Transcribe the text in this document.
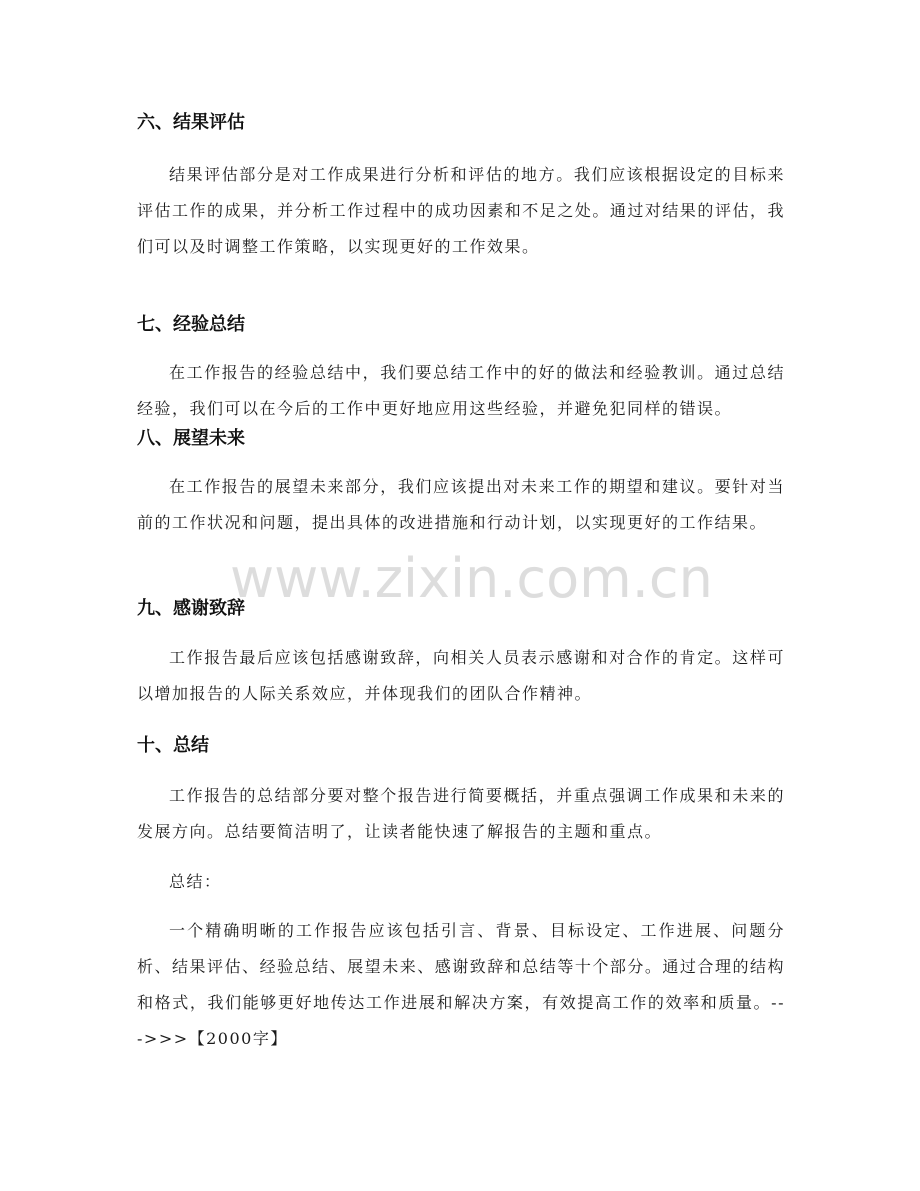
六、结果评估

结果评估部分是对工作成果进行分析和评估的地方。我们应该根据设定的目标来评估工作的成果，并分析工作过程中的成功因素和不足之处。通过对结果的评估，我们可以及时调整工作策略，以实现更好的工作效果。

七、经验总结

在工作报告的经验总结中，我们要总结工作中的好的做法和经验教训。通过总结经验，我们可以在今后的工作中更好地应用这些经验，并避免犯同样的错误。

八、展望未来

在工作报告的展望未来部分，我们应该提出对未来工作的期望和建议。要针对当前的工作状况和问题，提出具体的改进措施和行动计划，以实现更好的工作结果。

九、感谢致辞

工作报告最后应该包括感谢致辞，向相关人员表示感谢和对合作的肯定。这样可以增加报告的人际关系效应，并体现我们的团队合作精神。

十、总结

工作报告的总结部分要对整个报告进行简要概括，并重点强调工作成果和未来的发展方向。总结要简洁明了，让读者能快速了解报告的主题和重点。

总结：

一个精确明晰的工作报告应该包括引言、背景、目标设定、工作进展、问题分析、结果评估、经验总结、展望未来、感谢致辞和总结等十个部分。通过合理的结构和格式，我们能够更好地传达工作进展和解决方案，有效提高工作的效率和质量。--->>>【2000字】

www.zixin.com.cn
